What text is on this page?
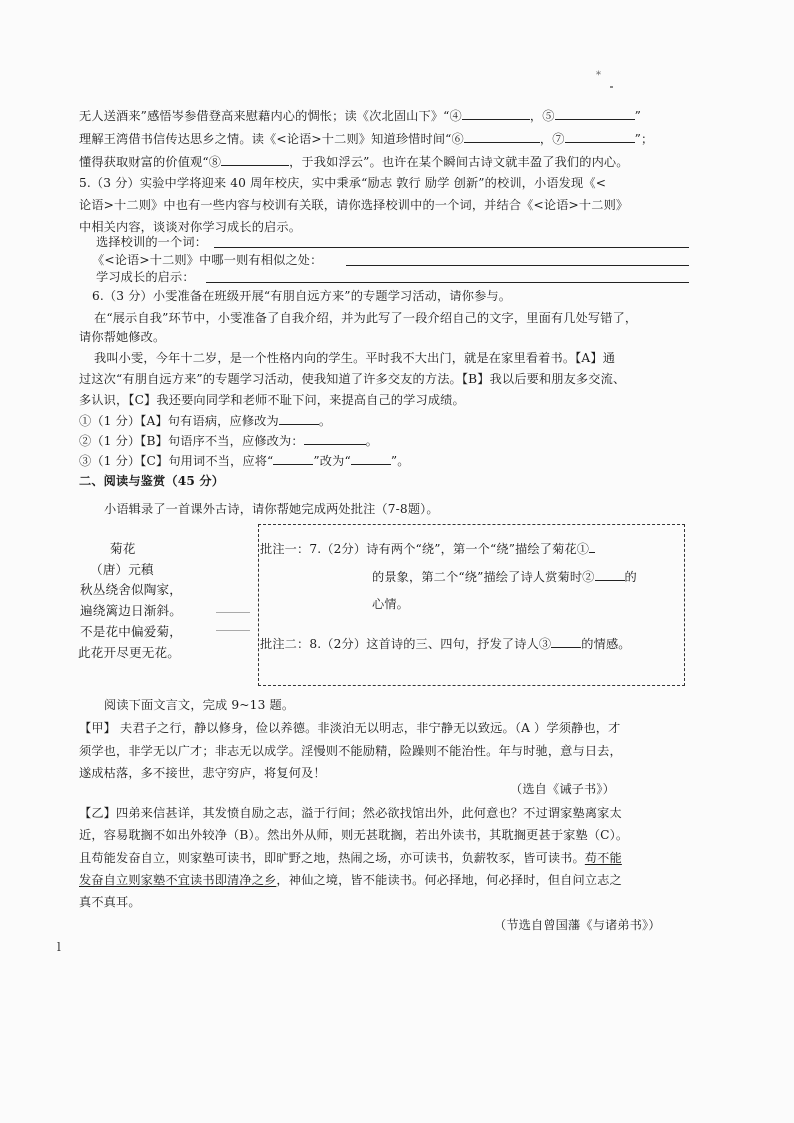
*
无人送酒来”感悟岑参借登高来慰藉内心的惆怅；读《次北固山下》“④	，⑤	”
理解王湾借书信传达思乡之情。读《<论语>十二则》知道珍惜时间“⑥	，⑦	”；
懂得获取财富的价值观“⑧	，于我如浮云”。也许在某个瞬间古诗文就丰盈了我们的内心。
5.（3 分）实验中学将迎来 40 周年校庆，实中秉承“励志 敦行 励学 创新”的校训，小语发现《<
论语>十二则》中也有一些内容与校训有关联，请你选择校训中的一个词，并结合《<论语>十二则》
中相关内容，谈谈对你学习成长的启示。
选择校训的一个词：
《<论语>十二则》中哪一则有相似之处：
学习成长的启示：
6.（3 分）小雯准备在班级开展“有朋自远方来”的专题学习活动，请你参与。
在“展示自我”环节中，小雯准备了自我介绍，并为此写了一段介绍自己的文字，里面有几处写错了，
请你帮她修改。
我叫小雯，今年十二岁，是一个性格内向的学生。平时我不大出门，就是在家里看着书。【A】通
过这次“有朋自远方来”的专题学习活动，使我知道了许多交友的方法。【B】我以后要和朋友多交流、
多认识，【C】我还要向同学和老师不耻下问，来提高自己的学习成绩。
①（1 分）【A】句有语病，应修改为	。
②（1 分）【B】句语序不当，应修改为：	。
③（1 分）【C】句用词不当，应将“	”改为“	”。
二、阅读与鉴赏（45 分）
小语辑录了一首课外古诗，请你帮她完成两处批注（7-8题）。
菊花
（唐）元稹
秋丛绕舍似陶家，
遍绕篱边日渐斜。
不是花中偏爱菊，
此花开尽更无花。
批注一：7.（2分）诗有两个“绕”，第一个“绕”描绘了菊花①
的景象，第二个“绕”描绘了诗人赏菊时② 的
心情。
批注二：8.（2分）这首诗的三、四句，抒发了诗人③ 的情感。
阅读下面文言文，完成 9~13 题。
【甲】 夫君子之行，静以修身，俭以养德。非淡泊无以明志，非宁静无以致远。（A ）学须静也，才
须学也，非学无以广才；非志无以成学。淫慢则不能励精，险躁则不能治性。年与时驰，意与日去，
遂成枯落，多不接世，悲守穷庐，将复何及！
（选自《诫子书》）
【乙】四弟来信甚详，其发愤自励之志，溢于行间；然必欲找馆出外，此何意也？不过谓家塾离家太
近，容易耽搁不如出外较净（B）。然出外从师，则无甚耽搁，若出外读书，其耽搁更甚于家塾（C）。
且苟能发奋自立，则家塾可读书，即旷野之地，热闹之场，亦可读书，负薪牧豕，皆可读书。苟不能
发奋自立则家塾不宜读书即清净之乡，神仙之境，皆不能读书。何必择地，何必择时，但自问立志之
真不真耳。
（节选自曾国藩《与诸弟书》）
l
